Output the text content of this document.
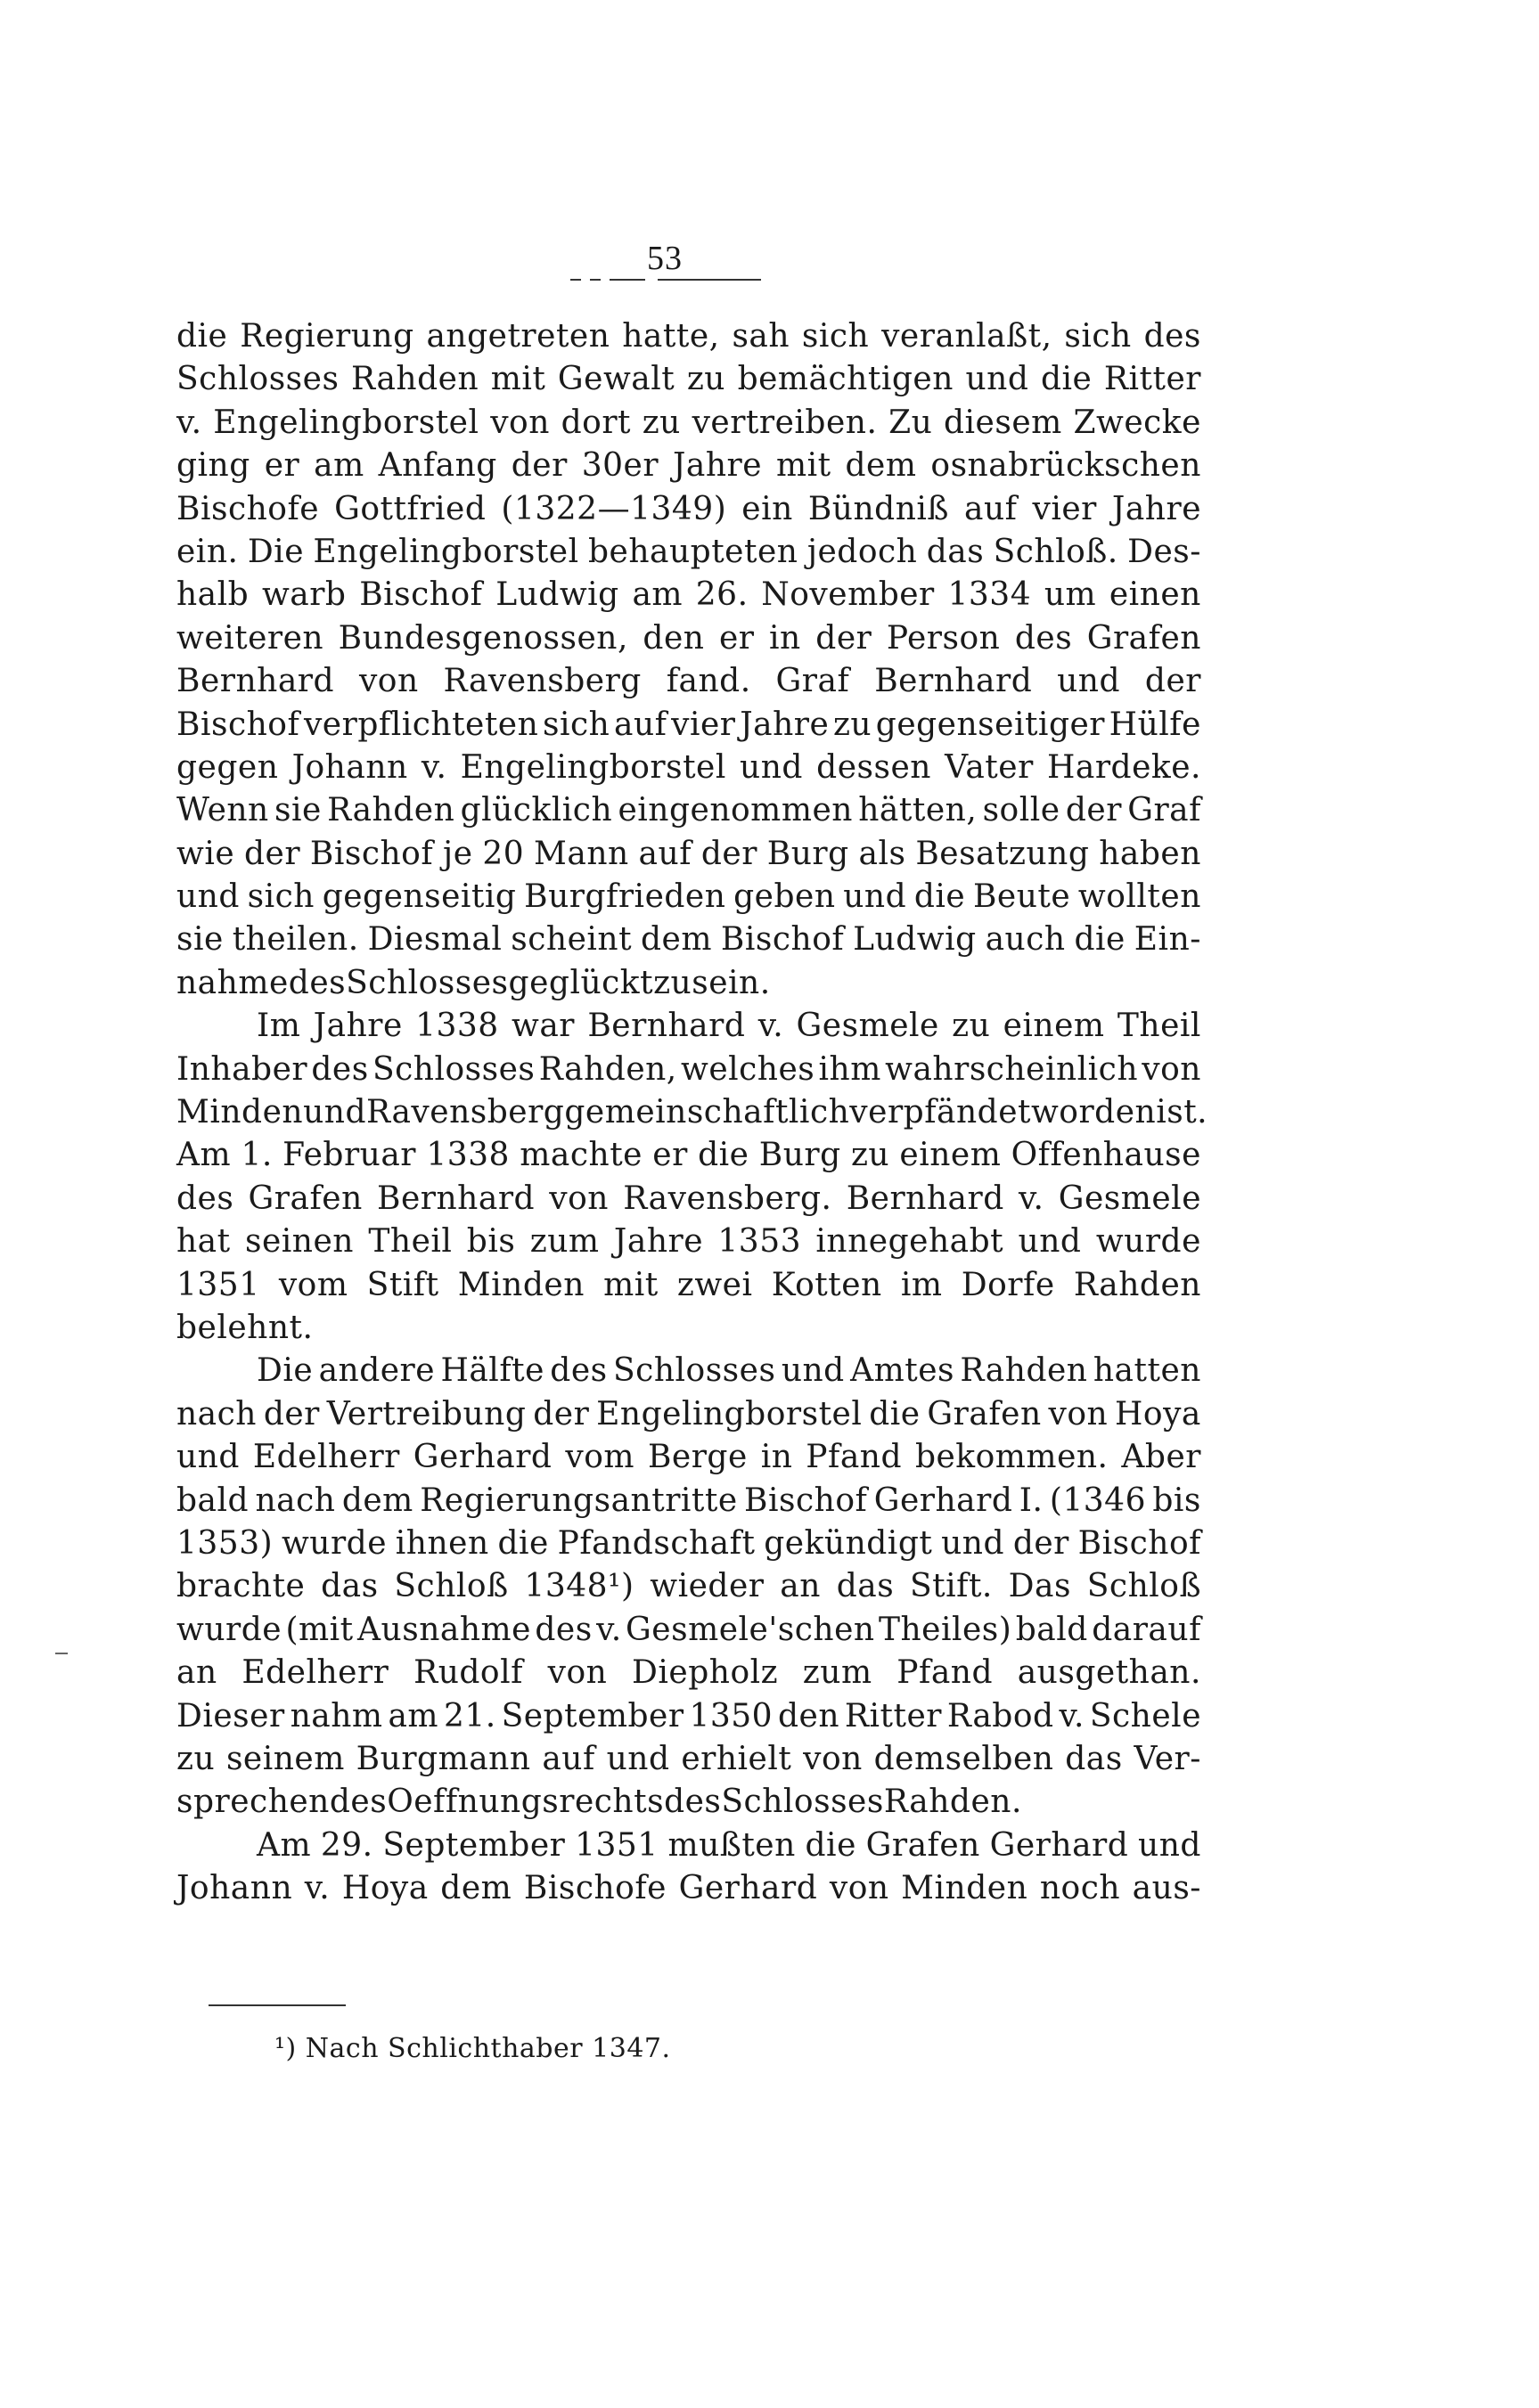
53
die Regierung angetreten hatte, sah sich veranlaßt, sich des
Schlosses Rahden mit Gewalt zu bemächtigen und die Ritter
v. Engelingborstel von dort zu vertreiben. Zu diesem Zwecke
ging er am Anfang der 30er Jahre mit dem osnabrückschen
Bischofe Gottfried (1322—1349) ein Bündniß auf vier Jahre
ein. Die Engelingborstel behaupteten jedoch das Schloß. Des-
halb warb Bischof Ludwig am 26. November 1334 um einen
weiteren Bundesgenossen, den er in der Person des Grafen
Bernhard von Ravensberg fand. Graf Bernhard und der
Bischof verpflichteten sich auf vier Jahre zu gegenseitiger Hülfe
gegen Johann v. Engelingborstel und dessen Vater Hardeke.
Wenn sie Rahden glücklich eingenommen hätten, solle der Graf
wie der Bischof je 20 Mann auf der Burg als Besatzung haben
und sich gegenseitig Burgfrieden geben und die Beute wollten
sie theilen. Diesmal scheint dem Bischof Ludwig auch die Ein-
nahme des Schlosses geglückt zu sein.
Im Jahre 1338 war Bernhard v. Gesmele zu einem Theil
Inhaber des Schlosses Rahden, welches ihm wahrscheinlich von
Minden und Ravensberg gemeinschaftlich verpfändet worden ist.
Am 1. Februar 1338 machte er die Burg zu einem Offenhause
des Grafen Bernhard von Ravensberg. Bernhard v. Gesmele
hat seinen Theil bis zum Jahre 1353 innegehabt und wurde
1351 vom Stift Minden mit zwei Kotten im Dorfe Rahden
belehnt.
Die andere Hälfte des Schlosses und Amtes Rahden hatten
nach der Vertreibung der Engelingborstel die Grafen von Hoya
und Edelherr Gerhard vom Berge in Pfand bekommen. Aber
bald nach dem Regierungsantritte Bischof Gerhard I. (1346 bis
1353) wurde ihnen die Pfandschaft gekündigt und der Bischof
brachte das Schloß 1348¹) wieder an das Stift. Das Schloß
wurde (mit Ausnahme des v. Gesmele'schen Theiles) bald darauf
an Edelherr Rudolf von Diepholz zum Pfand ausgethan.
Dieser nahm am 21. September 1350 den Ritter Rabod v. Schele
zu seinem Burgmann auf und erhielt von demselben das Ver-
sprechen des Oeffnungsrechts des Schlosses Rahden.
Am 29. September 1351 mußten die Grafen Gerhard und
Johann v. Hoya dem Bischofe Gerhard von Minden noch aus-
¹) Nach Schlichthaber 1347.
